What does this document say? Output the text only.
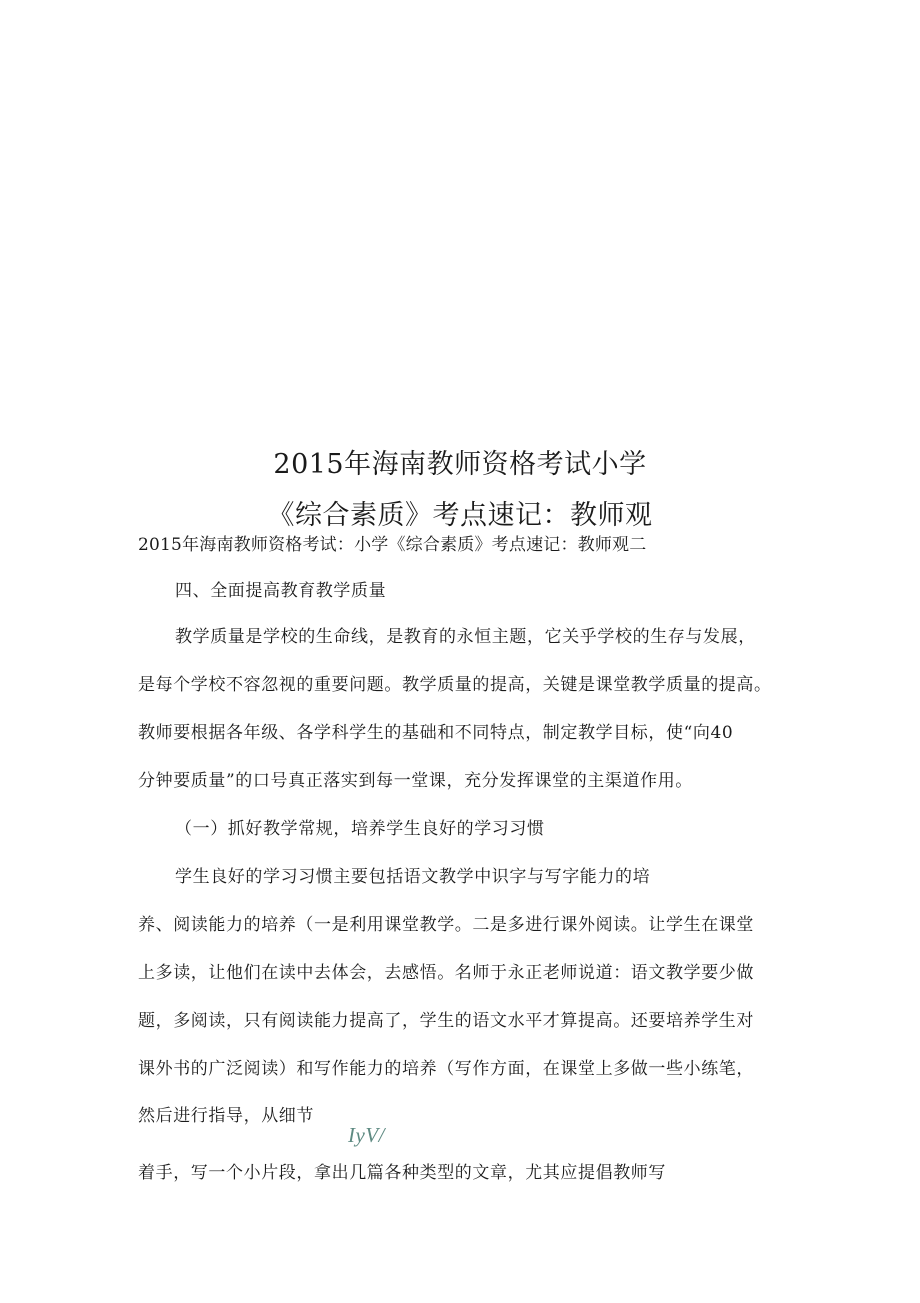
2015年海南教师资格考试小学
《综合素质》考点速记：教师观
2015年海南教师资格考试：小学《综合素质》考点速记：教师观二
四、全面提高教育教学质量
教学质量是学校的生命线，是教育的永恒主题，它关乎学校的生存与发展，
是每个学校不容忽视的重要问题。教学质量的提高，关键是课堂教学质量的提高。
教师要根据各年级、各学科学生的基础和不同特点，制定教学目标，使“向40
分钟要质量”的口号真正落实到每一堂课，充分发挥课堂的主渠道作用。
（一）抓好教学常规，培养学生良好的学习习惯
学生良好的学习习惯主要包括语文教学中识字与写字能力的培
养、阅读能力的培养（一是利用课堂教学。二是多进行课外阅读。让学生在课堂
上多读，让他们在读中去体会，去感悟。名师于永正老师说道：语文教学要少做
题，多阅读，只有阅读能力提高了，学生的语文水平才算提高。还要培养学生对
课外书的广泛阅读）和写作能力的培养（写作方面，在课堂上多做一些小练笔，
然后进行指导，从细节
IyV/
着手，写一个小片段，拿出几篇各种类型的文章，尤其应提倡教师写
